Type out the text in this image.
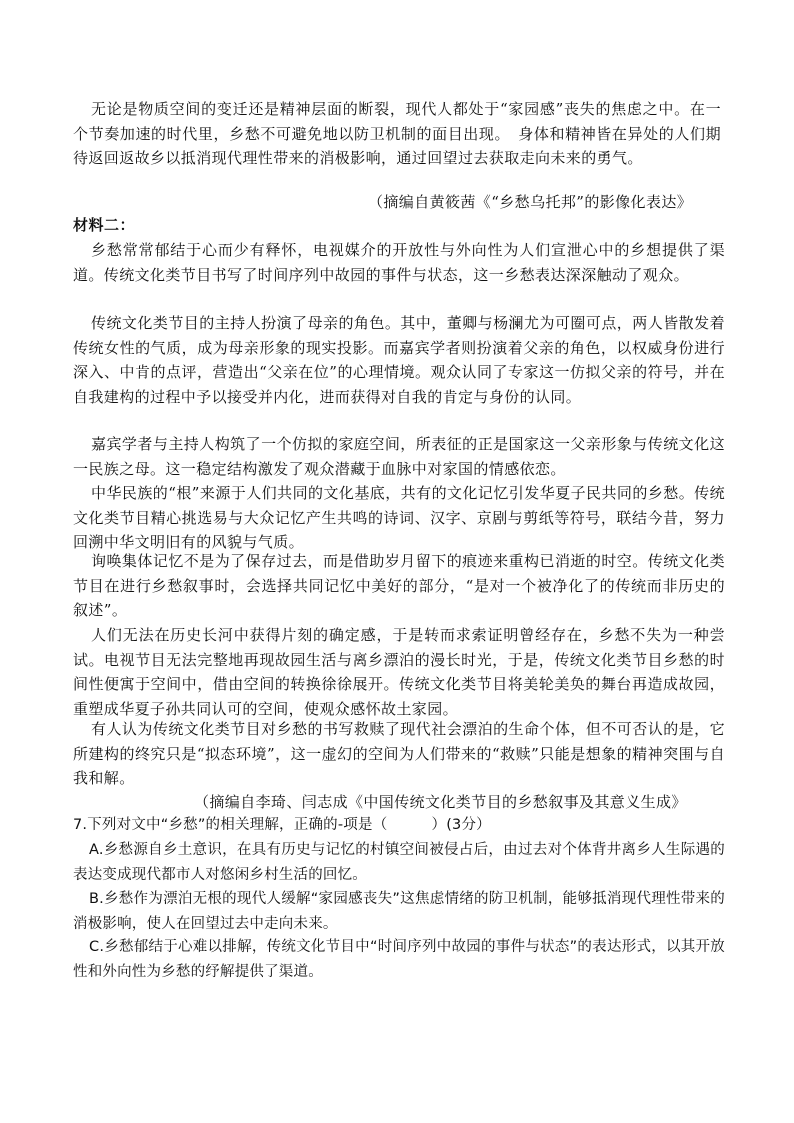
无论是物质空间的变迁还是精神层面的断裂，现代人都处于“家园感”丧失的焦虑之中。在一个节奏加速的时代里，乡愁不可避免地以防卫机制的面目出现。　身体和精神皆在异处的人们期待返回返故乡以抵消现代理性带来的消极影响，通过回望过去获取走向未来的勇气。
（摘编自黄筱茜《“乡愁乌托邦”的影像化表达》
材料二：
乡愁常常郁结于心而少有释怀，电视媒介的开放性与外向性为人们宣泄心中的乡想提供了渠道。传统文化类节目书写了时间序列中故园的事件与状态，这一乡愁表达深深触动了观众。
传统文化类节目的主持人扮演了母亲的角色。其中，董卿与杨澜尤为可圈可点，两人皆散发着传统女性的气质，成为母亲形象的现实投影。而嘉宾学者则扮演着父亲的角色，以权威身份进行深入、中肯的点评，营造出“父亲在位”的心理情境。观众认同了专家这一仿拟父亲的符号，并在自我建构的过程中予以接受并内化，进而获得对自我的肯定与身份的认同。
嘉宾学者与主持人构筑了一个仿拟的家庭空间，所表征的正是国家这一父亲形象与传统文化这一民族之母。这一稳定结构激发了观众潜藏于血脉中对家国的情感依恋。
中华民族的“根”来源于人们共同的文化基底，共有的文化记忆引发华夏子民共同的乡愁。传统文化类节目精心挑选易与大众记忆产生共鸣的诗词、汉字、京剧与剪纸等符号，联结今昔，努力回溯中华文明旧有的风貌与气质。
询唤集体记忆不是为了保存过去，而是借助岁月留下的痕迹来重构已消逝的时空。传统文化类节目在进行乡愁叙事时，会选择共同记忆中美好的部分，“是对一个被净化了的传统而非历史的叙述”。
人们无法在历史长河中获得片刻的确定感，于是转而求索证明曾经存在，乡愁不失为一种尝试。电视节目无法完整地再现故园生活与离乡漂泊的漫长时光，于是，传统文化类节目乡愁的时间性便寓于空间中，借由空间的转换徐徐展开。传统文化类节目将美轮美奂的舞台再造成故园，重塑成华夏子孙共同认可的空间，使观众感怀故土家园。
有人认为传统文化类节目对乡愁的书写救赎了现代社会漂泊的生命个体，但不可否认的是，它所建构的终究只是“拟态环境”，这一虚幻的空间为人们带来的“救赎”只能是想象的精神突围与自我和解。
（摘编自李琦、闫志成《中国传统文化类节目的乡愁叙事及其意义生成》
7.下列对文中“乡愁”的相关理解，正确的-项是（　　　）(3分）
A.乡愁源自乡土意识，在具有历史与记忆的村镇空间被侵占后，由过去对个体背井离乡人生际遇的表达变成现代都市人对悠闲乡村生活的回忆。
B.乡愁作为漂泊无根的现代人缓解“家园感丧失”这焦虑情绪的防卫机制，能够抵消现代理性带来的消极影响，使人在回望过去中走向未来。
C.乡愁郁结于心难以排解，传统文化节目中“时间序列中故园的事件与状态”的表达形式，以其开放性和外向性为乡愁的纾解提供了渠道。
